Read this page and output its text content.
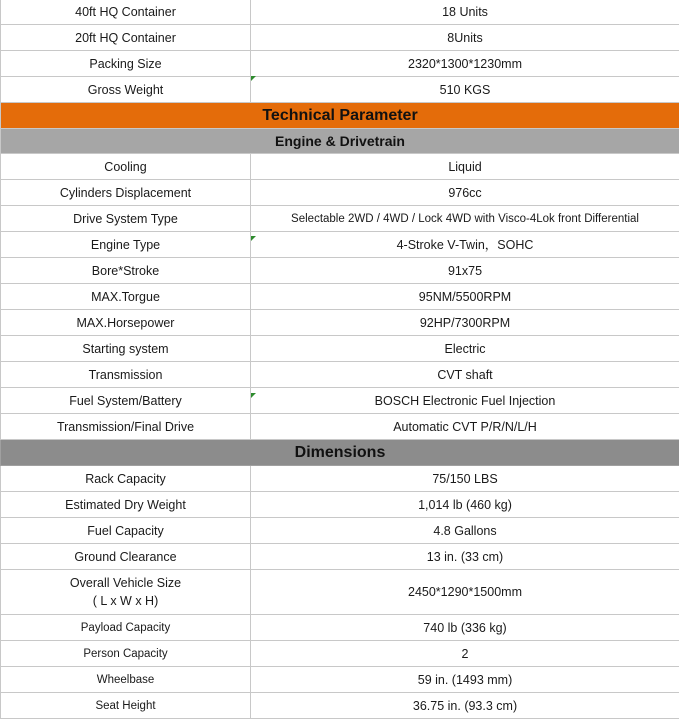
40ft HQ Container	18 Units
20ft HQ Container	8Units
Packing Size	2320*1300*1230mm
Gross Weight	510 KGS
Technical Parameter	
Engine & Drivetrain	
Cooling	Liquid
Cylinders Displacement	976cc
Drive System Type	Selectable 2WD / 4WD / Lock 4WD with Visco-4Lok front Differential
Engine Type	4-Stroke V-Twin，SOHC
Bore*Stroke	91x75
MAX.Torgue	95NM/5500RPM
MAX.Horsepower	92HP/7300RPM
Starting system	Electric
Transmission	CVT shaft
Fuel System/Battery	BOSCH Electronic Fuel Injection
Transmission/Final Drive	Automatic CVT P/R/N/L/H
Dimensions	
Rack Capacity	75/150 LBS
Estimated Dry Weight	1,014 lb (460 kg)
Fuel Capacity	4.8 Gallons
Ground Clearance	13 in. (33 cm)

Overall Vehicle Size
( L x W x H)	2450*1290*1500mm
Payload Capacity	740 lb (336 kg)
Person Capacity	2
Wheelbase	59 in. (1493 mm)
Seat Height	36.75 in. (93.3 cm)
